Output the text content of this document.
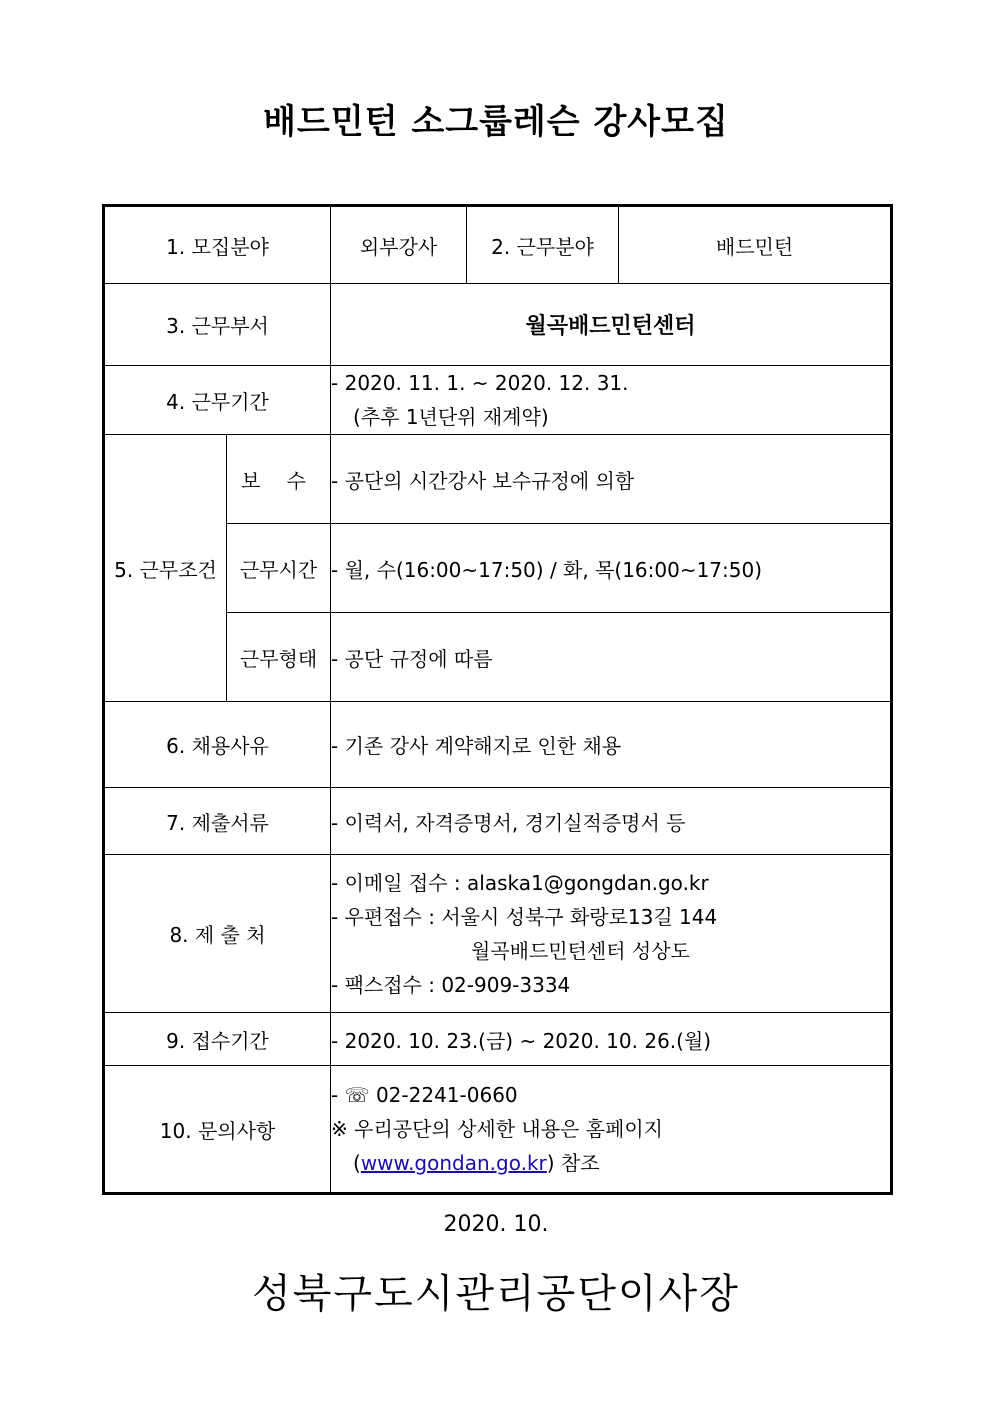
배드민턴 소그룹레슨 강사모집
1. 모집분야		외부강사	2. 근무분야	배드민턴
3. 근무부서		월곡배드민턴센터		
4. 근무기간		- 2020. 11. 1. ~ 2020. 12. 31.
(추후 1년단위 재계약)		

5. 근무조건	보 수	- 공단의 시간강사 보수규정에 의함		
	근무시간	- 월, 수(16:00~17:50) / 화, 목(16:00~17:50)		
	근무형태	- 공단 규정에 따름		
6. 채용사유		- 기존 강사 계약해지로 인한 채용		
7. 제출서류		- 이력서, 자격증명서, 경기실적증명서 등		
8. 제 출 처		- 이메일 접수 : alaska1@gongdan.go.kr
- 우편접수 : 서울시 성북구 화랑로13길 144
월곡배드민턴센터 성상도
- 팩스접수 : 02-909-3334		

9. 접수기간		- 2020. 10. 23.(금) ~ 2020. 10. 26.(월)		
10. 문의사항		- ☏ 02-2241-0660
※ 우리공단의 상세한 내용은 홈페이지
(www.gondan.go.kr) 참조		
2020. 10.
성북구도시관리공단이사장
